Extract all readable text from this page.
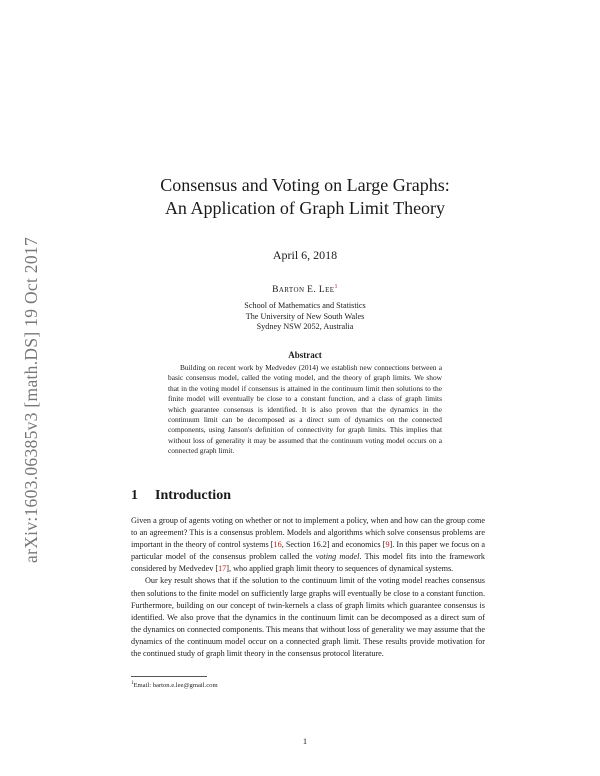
arXiv:1603.06385v3 [math.DS] 19 Oct 2017
Consensus and Voting on Large Graphs:
An Application of Graph Limit Theory
April 6, 2018
Barton E. Lee$^1$
School of Mathematics and Statistics
The University of New South Wales
Sydney NSW 2052, Australia
Abstract
Building on recent work by Medvedev (2014) we establish new connections between a basic consensus model, called the voting model, and the theory of graph limits. We show that in the voting model if consensus is attained in the continuum limit then solutions to the finite model will eventually be close to a constant function, and a class of graph limits which guarantee consensus is identified. It is also proven that the dynamics in the continuum limit can be decomposed as a direct sum of dynamics on the connected components, using Janson's definition of connectivity for graph limits. This implies that without loss of generality it may be assumed that the continuum voting model occurs on a connected graph limit.
1 Introduction

Given a group of agents voting on whether or not to implement a policy, when and how can the group come to an agreement? This is a consensus problem. Models and algorithms which solve consensus problems are important in the theory of control systems [16, Section 16.2] and economics [9]. In this paper we focus on a particular model of the consensus problem called the voting model. This model fits into the framework considered by Medvedev [17], who applied graph limit theory to sequences of dynamical systems.

Our key result shows that if the solution to the continuum limit of the voting model reaches consensus then solutions to the finite model on sufficiently large graphs will eventually be close to a constant function. Furthermore, building on our concept of twin-kernels a class of graph limits which guarantee consensus is identified. We also prove that the dynamics in the continuum limit can be decomposed as a direct sum of the dynamics on connected components. This means that without loss of generality we may assume that the dynamics of the continuum model occur on a connected graph limit. These results provide motivation for the continued study of graph limit theory in the consensus protocol literature.

$^1$Email: barton.e.lee@gmail.com
1
